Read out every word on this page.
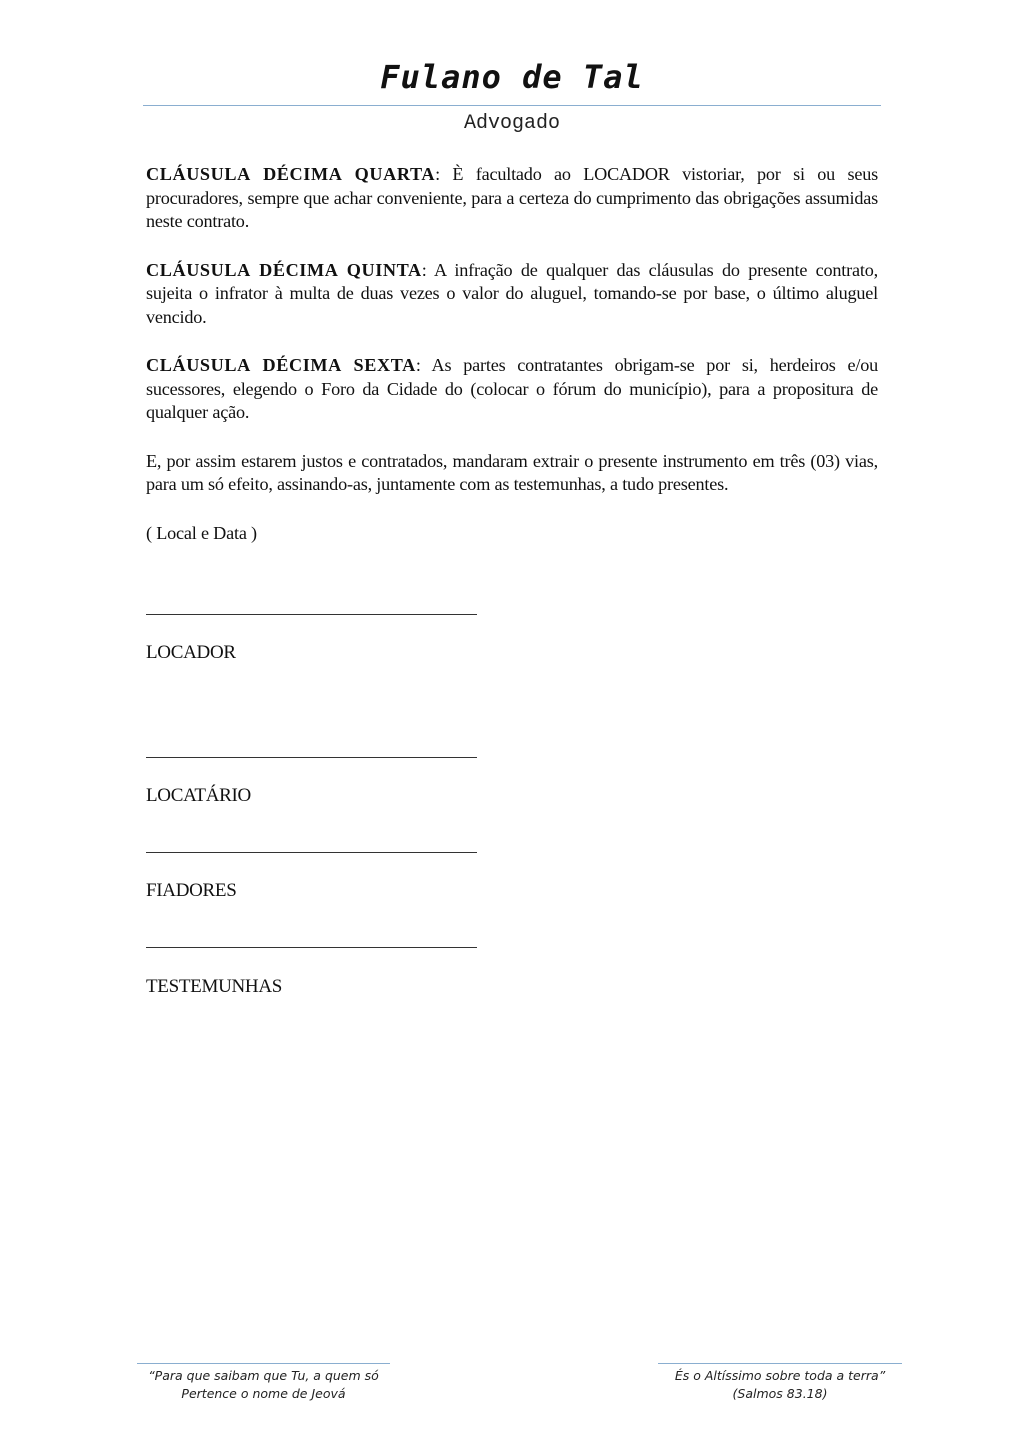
Fulano de Tal
Advogado

CLÁUSULA DÉCIMA QUARTA: È facultado ao LOCADOR vistoriar, por si ou seus procuradores, sempre que achar conveniente, para a certeza do cumprimento das obrigações assumidas neste contrato.

CLÁUSULA DÉCIMA QUINTA: A infração de qualquer das cláusulas do presente contrato, sujeita o infrator à multa de duas vezes o valor do aluguel, tomando-se por base, o último aluguel vencido.

CLÁUSULA DÉCIMA SEXTA: As partes contratantes obrigam-se por si, herdeiros e/ou sucessores, elegendo o Foro da Cidade do (colocar o fórum do município), para a propositura de qualquer ação.

E, por assim estarem justos e contratados, mandaram extrair o presente instrumento em três (03) vias, para um só efeito, assinando-as, juntamente com as testemunhas, a tudo presentes.

( Local e Data )

LOCADOR
LOCATÁRIO
FIADORES
TESTEMUNHAS
“Para que saibam que Tu, a quem só
Pertence o nome de Jeová
És o Altíssimo sobre toda a terra”
(Salmos 83.18)
